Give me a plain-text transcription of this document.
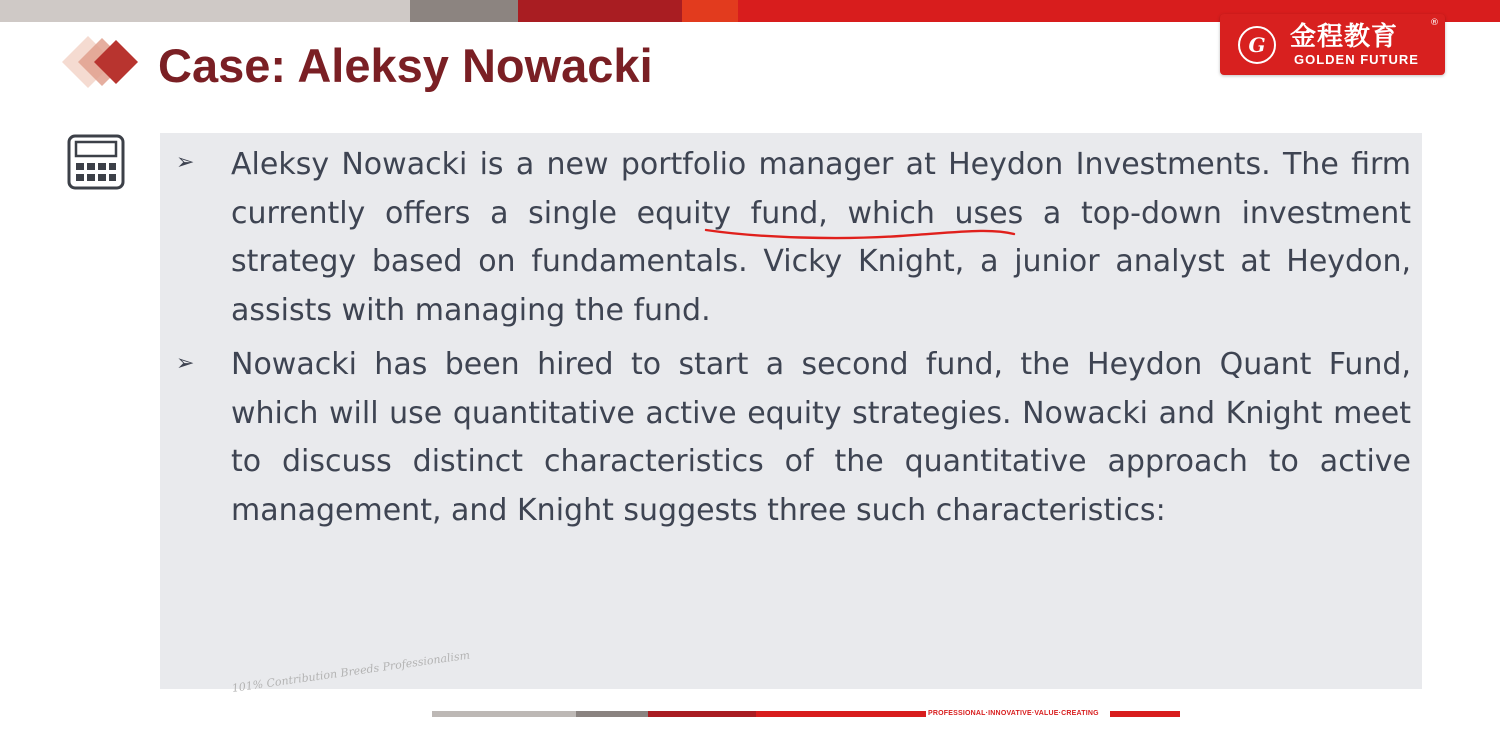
G 金程教育	®
GOLDEN FUTURE
Case: Aleksy Nowacki
➢	Aleksy Nowacki is a new portfolio manager at Heydon Investments. The firm currently offers a single equity fund, which uses a top-down investment strategy based on fundamentals. Vicky Knight, a junior analyst at Heydon, assists with managing the fund.
➢	Nowacki has been hired to start a second fund, the Heydon Quant Fund, which will use quantitative active equity strategies. Nowacki and Knight meet to discuss distinct characteristics of the quantitative approach to active management, and Knight suggests three such characteristics:
101% Contribution Breeds Professionalism
PROFESSIONAL·INNOVATIVE·VALUE·CREATING
